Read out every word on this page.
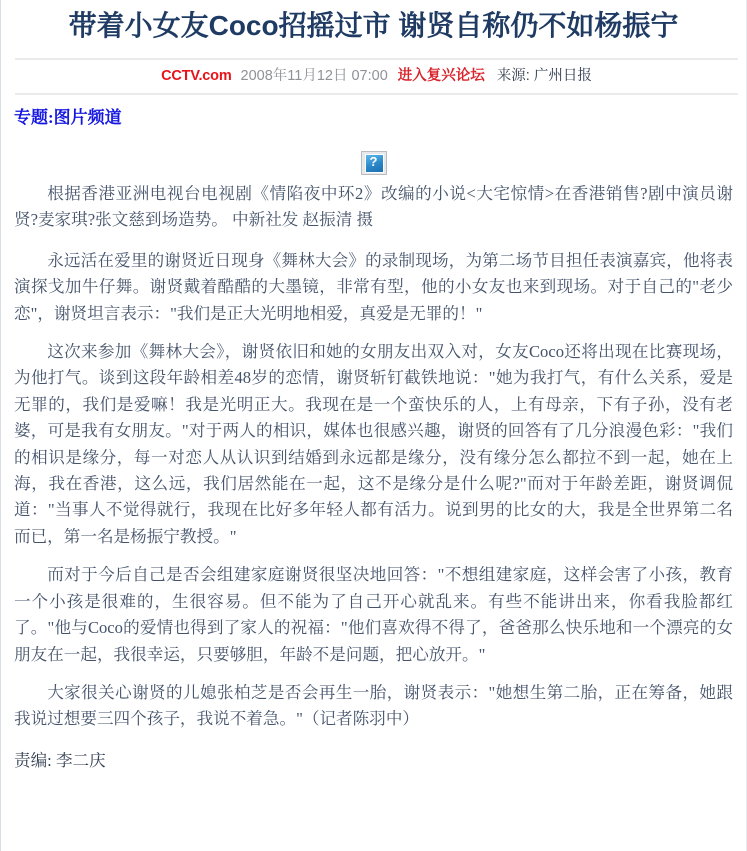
带着小女友Coco招摇过市 谢贤自称仍不如杨振宁
CCTV.com 2008年11月12日 07:00 进入复兴论坛 来源: 广州日报
专题:图片频道
?

根据香港亚洲电视台电视剧《情陷夜中环2》改编的小说<大宅惊情>在香港销售?剧中演员谢贤?麦家琪?张文慈到场造势。 中新社发 赵振清 摄

永远活在爱里的谢贤近日现身《舞林大会》的录制现场，为第二场节目担任表演嘉宾，他将表演探戈加牛仔舞。谢贤戴着酷酷的大墨镜，非常有型，他的小女友也来到现场。对于自己的"老少恋"，谢贤坦言表示："我们是正大光明地相爱，真爱是无罪的！"

这次来参加《舞林大会》，谢贤依旧和她的女朋友出双入对，女友Coco还将出现在比赛现场，为他打气。谈到这段年龄相差48岁的恋情，谢贤斩钉截铁地说："她为我打气，有什么关系，爱是无罪的，我们是爱嘛！我是光明正大。我现在是一个蛮快乐的人，上有母亲，下有子孙，没有老婆，可是我有女朋友。"对于两人的相识，媒体也很感兴趣，谢贤的回答有了几分浪漫色彩："我们的相识是缘分，每一对恋人从认识到结婚到永远都是缘分，没有缘分怎么都拉不到一起，她在上海，我在香港，这么远，我们居然能在一起，这不是缘分是什么呢?"而对于年龄差距，谢贤调侃道："当事人不觉得就行，我现在比好多年轻人都有活力。说到男的比女的大，我是全世界第二名而已，第一名是杨振宁教授。"

而对于今后自己是否会组建家庭谢贤很坚决地回答："不想组建家庭，这样会害了小孩，教育一个小孩是很难的，生很容易。但不能为了自己开心就乱来。有些不能讲出来，你看我脸都红了。"他与Coco的爱情也得到了家人的祝福："他们喜欢得不得了，爸爸那么快乐地和一个漂亮的女朋友在一起，我很幸运，只要够胆，年龄不是问题，把心放开。"

大家很关心谢贤的儿媳张柏芝是否会再生一胎，谢贤表示："她想生第二胎，正在筹备，她跟我说过想要三四个孩子，我说不着急。"（记者陈羽中）

责编: 李二庆
